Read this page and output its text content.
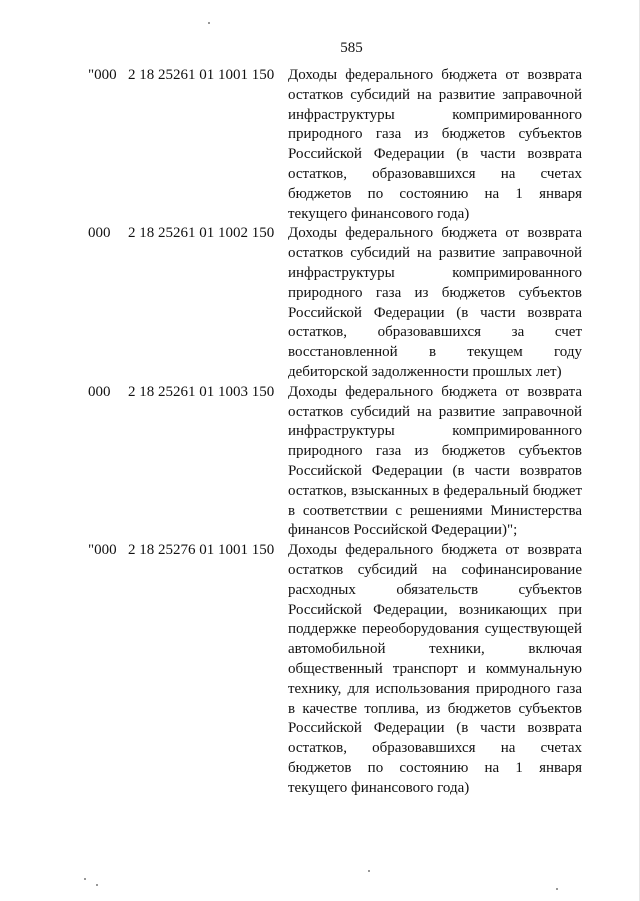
585
"000 2 18 25261 01 1001 150 Доходы федерального бюджета от возврата остатков субсидий на развитие заправочной инфраструктуры компримированного природного газа из бюджетов субъектов Российской Федерации (в части возврата остатков, образовавшихся на счетах бюджетов по состоянию на 1 января текущего финансового года)
000 2 18 25261 01 1002 150 Доходы федерального бюджета от возврата остатков субсидий на развитие заправочной инфраструктуры компримированного природного газа из бюджетов субъектов Российской Федерации (в части возврата остатков, образовавшихся за счет восстановленной в текущем году дебиторской задолженности прошлых лет)
000 2 18 25261 01 1003 150 Доходы федерального бюджета от возврата остатков субсидий на развитие заправочной инфраструктуры компримированного природного газа из бюджетов субъектов Российской Федерации (в части возвратов остатков, взысканных в федеральный бюджет в соответствии с решениями Министерства финансов Российской Федерации)";
"000 2 18 25276 01 1001 150 Доходы федерального бюджета от возврата остатков субсидий на софинансирование расходных обязательств субъектов Российской Федерации, возникающих при поддержке переоборудования существующей автомобильной техники, включая общественный транспорт и коммунальную технику, для использования природного газа в качестве топлива, из бюджетов субъектов Российской Федерации (в части возврата остатков, образовавшихся на счетах бюджетов по состоянию на 1 января текущего финансового года)
